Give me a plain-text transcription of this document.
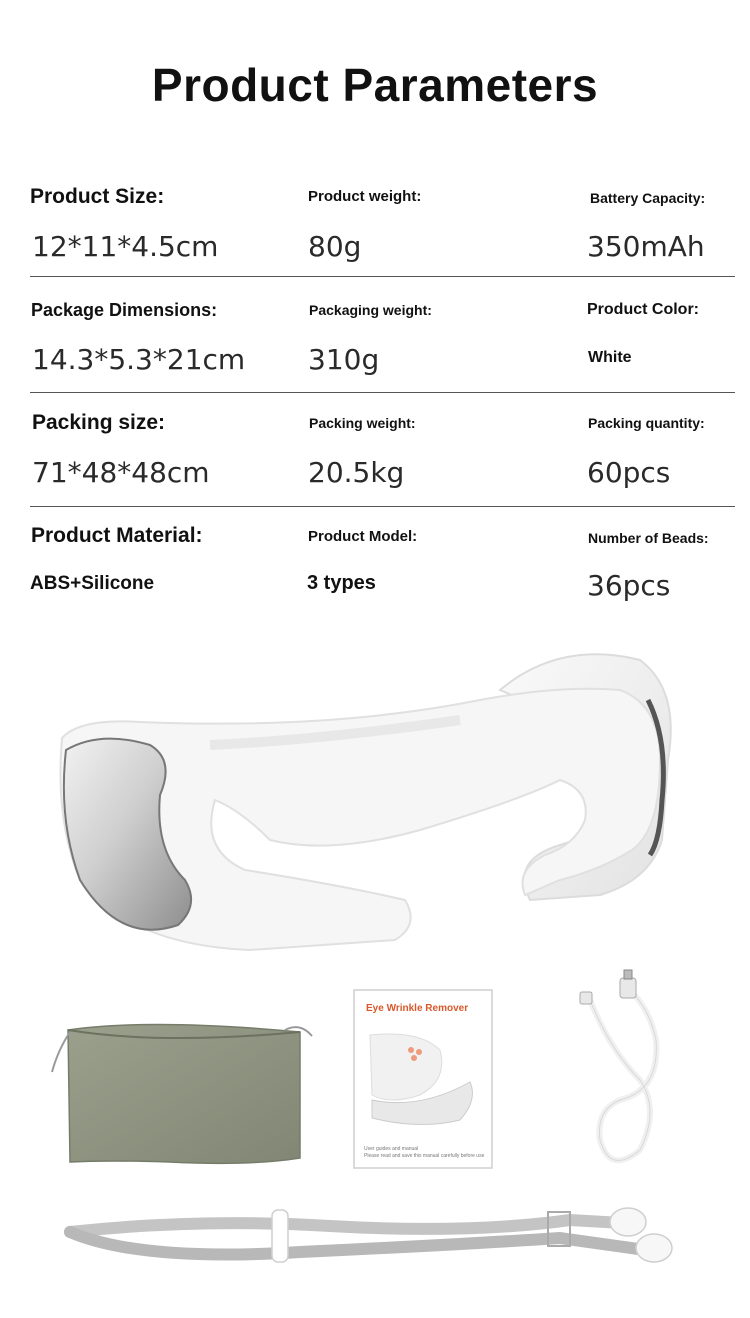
Product Parameters
Product Size:
12*11*4.5cm
Product weight:
80g
Battery Capacity:
350mAh
Package Dimensions:
14.3*5.3*21cm
Packaging weight:
310g
Product Color:
White
Packing size:
71*48*48cm
Packing weight:
20.5kg
Packing quantity:
60pcs
Product Material:
ABS+Silicone
Product Model:
3 types
Number of Beads:
36pcs
Eye Wrinkle Remover
User guides and manual
Please read and save this manual carefully before use
